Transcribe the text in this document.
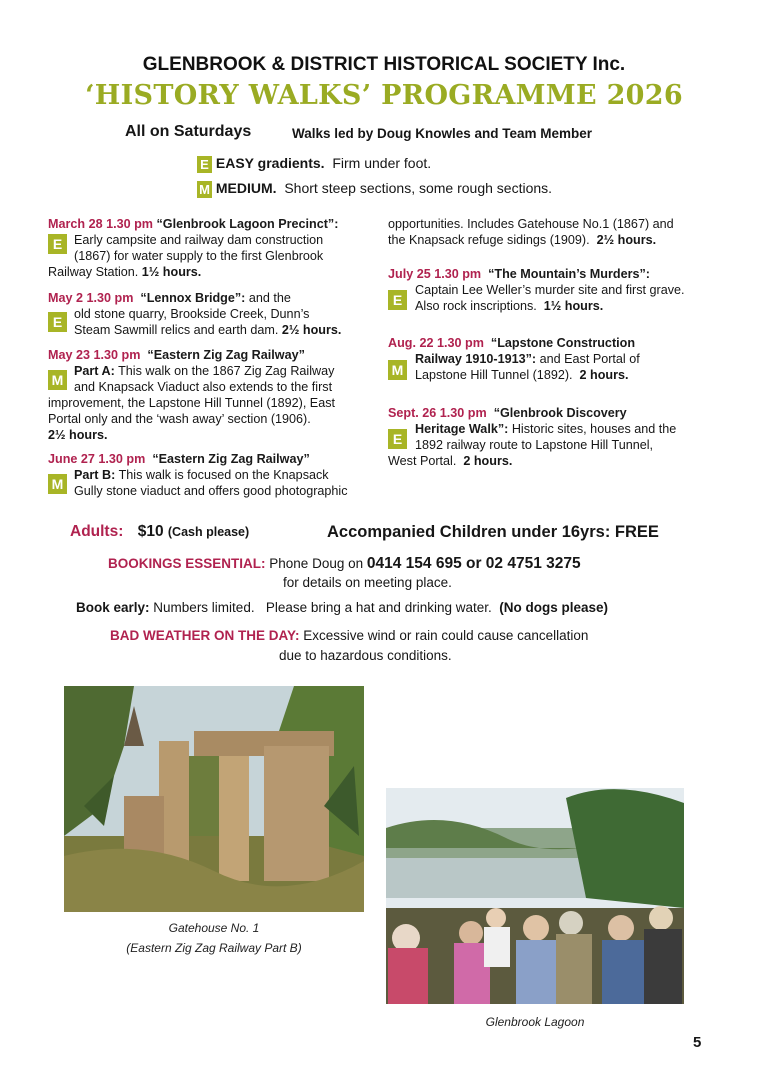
GLENBROOK & DISTRICT HISTORICAL SOCIETY Inc.
‘HISTORY WALKS’ PROGRAMME 2026
All on Saturdays	Walks led by Doug Knowles and Team Member
E EASY gradients. Firm under foot.
M MEDIUM. Short steep sections, some rough sections.
March 28 1.30 pm “Glenbrook Lagoon Precinct”:
Early campsite and railway dam construction
(1867) for water supply to the first Glenbrook
Railway Station. 1½ hours.
E
May 2 1.30 pm “Lennox Bridge”: and the
old stone quarry, Brookside Creek, Dunn’s
Steam Sawmill relics and earth dam. 2½ hours.
E
May 23 1.30 pm “Eastern Zig Zag Railway”
Part A: This walk on the 1867 Zig Zag Railway
and Knapsack Viaduct also extends to the first
improvement, the Lapstone Hill Tunnel (1892), East
Portal only and the ‘wash away’ section (1906).
2½ hours.
M
June 27 1.30 pm “Eastern Zig Zag Railway”
Part B: This walk is focused on the Knapsack
Gully stone viaduct and offers good photographic
M
opportunities. Includes Gatehouse No.1 (1867) and
the Knapsack refuge sidings (1909). 2½ hours.
July 25 1.30 pm “The Mountain’s Murders”:
Captain Lee Weller’s murder site and first grave.
Also rock inscriptions. 1½ hours.
E
Aug. 22 1.30 pm “Lapstone Construction
Railway 1910-1913”: and East Portal of
Lapstone Hill Tunnel (1892). 2 hours.
M
Sept. 26 1.30 pm “Glenbrook Discovery
Heritage Walk”: Historic sites, houses and the
1892 railway route to Lapstone Hill Tunnel,
West Portal. 2 hours.
E
Adults: $10 (Cash please)	Accompanied Children under 16yrs: FREE
BOOKINGS ESSENTIAL: Phone Doug on 0414 154 695 or 02 4751 3275
for details on meeting place.
Book early: Numbers limited. Please bring a hat and drinking water. (No dogs please)
BAD WEATHER ON THE DAY: Excessive wind or rain could cause cancellation
due to hazardous conditions.
Gatehouse No. 1
(Eastern Zig Zag Railway Part B)
Glenbrook Lagoon
5
